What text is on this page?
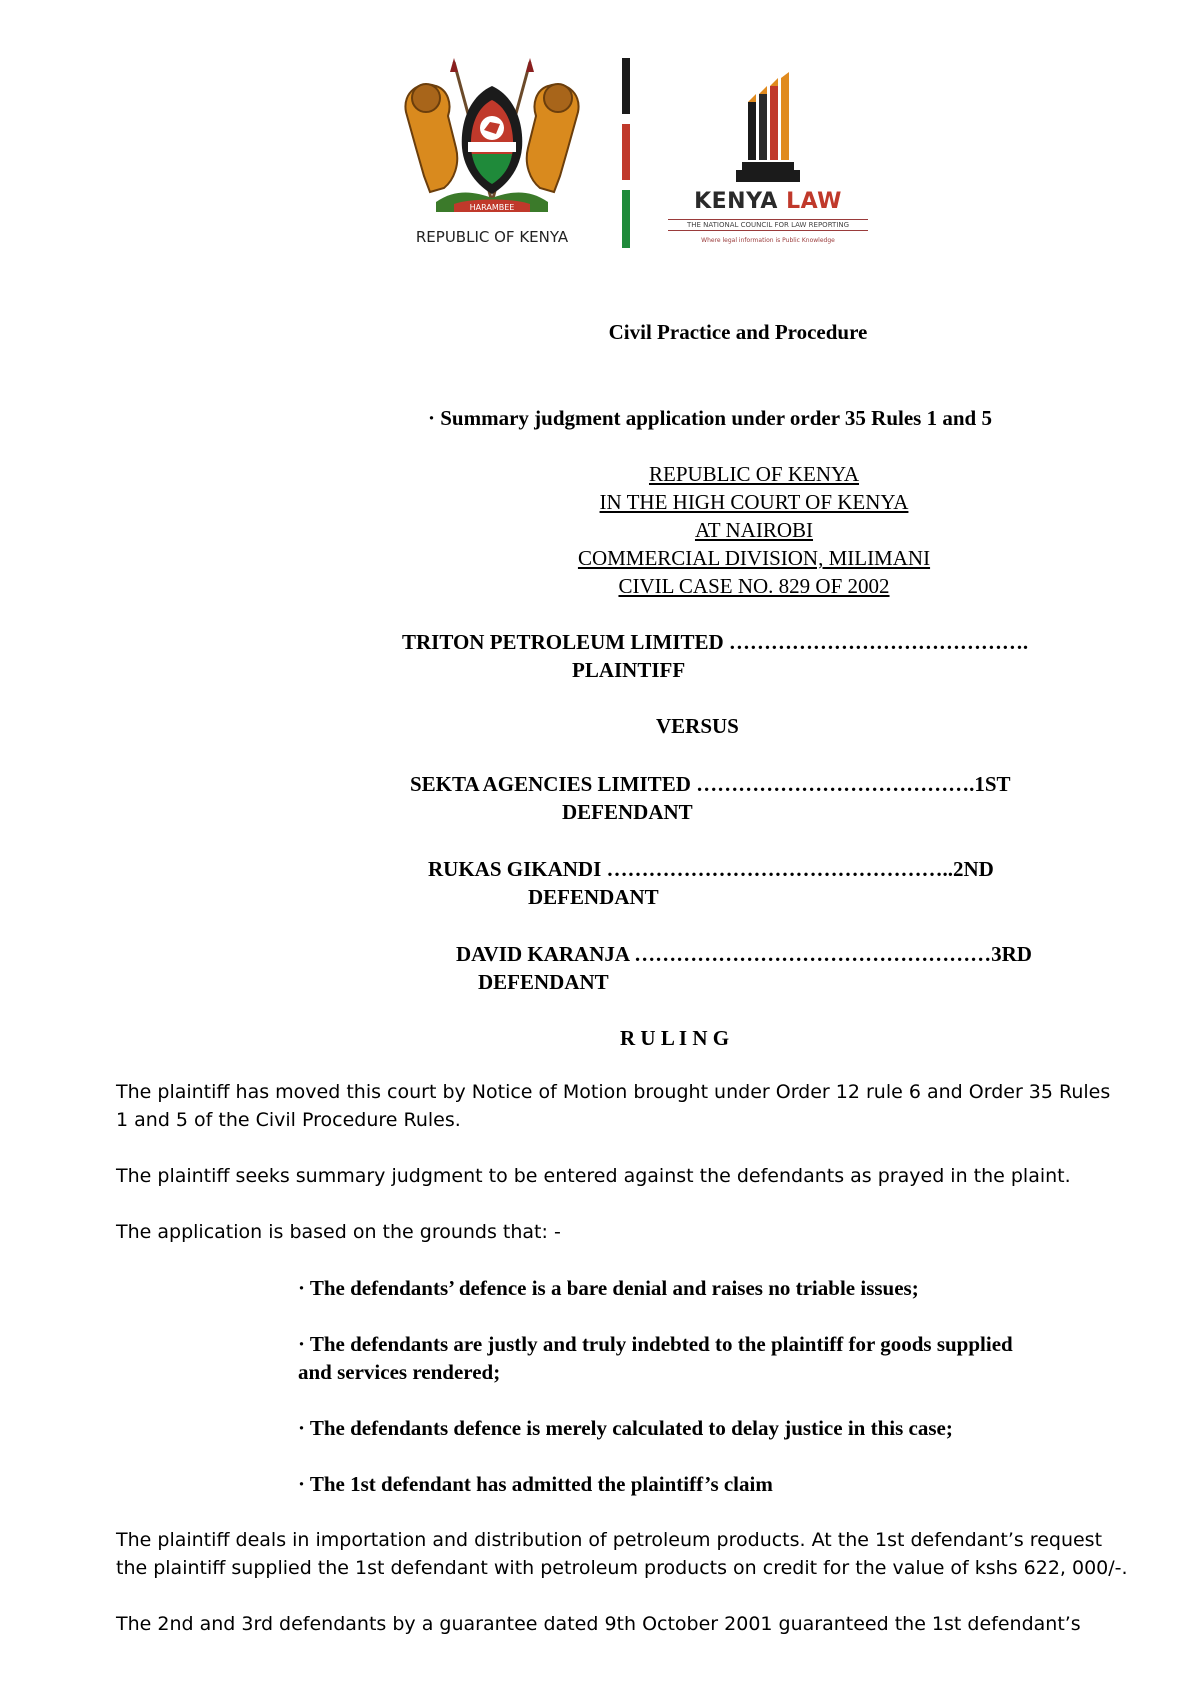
HARAMBEE
REPUBLIC OF KENYA
KENYA LAW
THE NATIONAL COUNCIL FOR LAW REPORTING
Where legal information is Public Knowledge
Civil Practice and Procedure
· Summary judgment application under order 35 Rules 1 and 5
REPUBLIC OF KENYA
IN THE HIGH COURT OF KENYA
AT NAIROBI
COMMERCIAL DIVISION, MILIMANI
CIVIL CASE NO. 829 OF 2002
TRITON PETROLEUM LIMITED …………………………………….
PLAINTIFF
VERSUS
SEKTA AGENCIES LIMITED ………………………………….1ST
DEFENDANT
RUKAS GIKANDI …………………………………………..2ND
DEFENDANT
DAVID KARANJA ……………………………………………3RD
DEFENDANT
R U L I N G
The plaintiff has moved this court by Notice of Motion brought under Order 12 rule 6 and Order 35 Rules
1 and 5 of the Civil Procedure Rules.
The plaintiff seeks summary judgment to be entered against the defendants as prayed in the plaint.
The application is based on the grounds that: -
· The defendants’ defence is a bare denial and raises no triable issues;
· The defendants are justly and truly indebted to the plaintiff for goods supplied
and services rendered;
· The defendants defence is merely calculated to delay justice in this case;
· The 1st defendant has admitted the plaintiff’s claim
The plaintiff deals in importation and distribution of petroleum products. At the 1st defendant’s request
the plaintiff supplied the 1st defendant with petroleum products on credit for the value of kshs 622, 000/-.
The 2nd and 3rd defendants by a guarantee dated 9th October 2001 guaranteed the 1st defendant’s
